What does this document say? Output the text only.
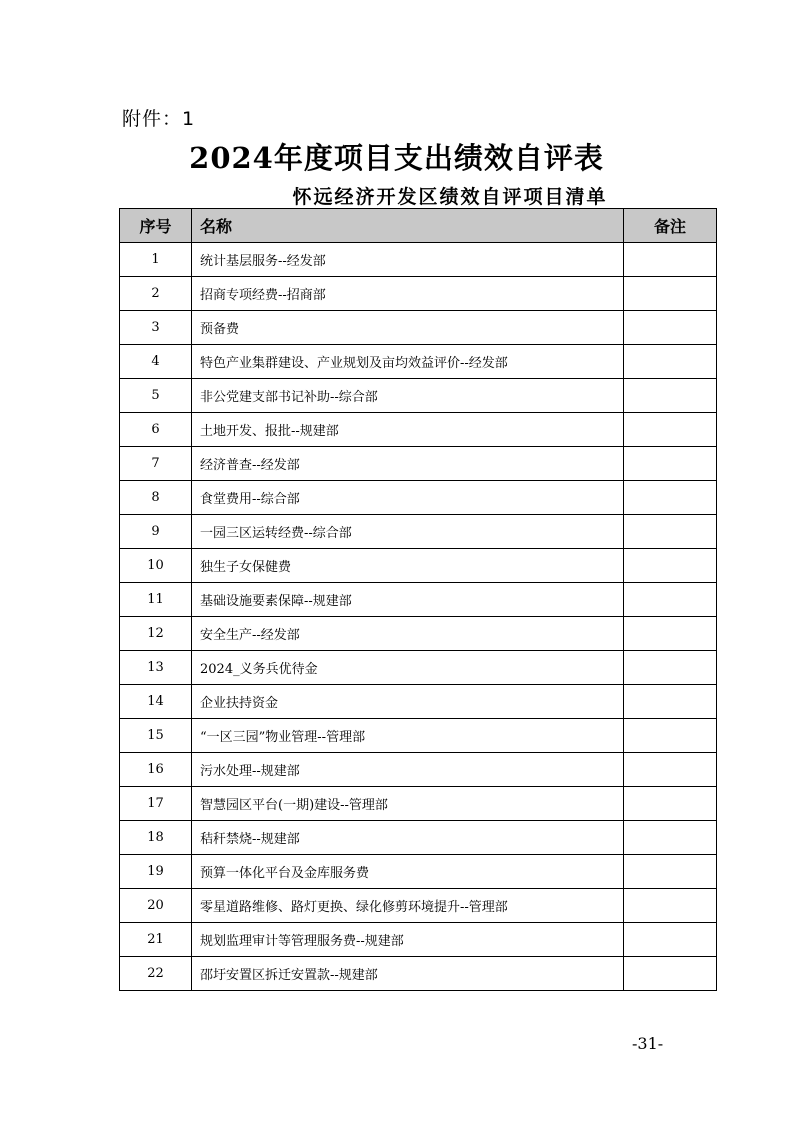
附件：1
2024年度项目支出绩效自评表
怀远经济开发区绩效自评项目清单
序号	名称	备注
1	统计基层服务--经发部	
2	招商专项经费--招商部	
3	预备费	
4	特色产业集群建设、产业规划及亩均效益评价--经发部	
5	非公党建支部书记补助--综合部	
6	土地开发、报批--规建部	
7	经济普查--经发部	
8	食堂费用--综合部	
9	一园三区运转经费--综合部	
10	独生子女保健费	
11	基础设施要素保障--规建部	
12	安全生产--经发部	
13	2024_义务兵优待金	
14	企业扶持资金	
15	“一区三园”物业管理--管理部	
16	污水处理--规建部	
17	智慧园区平台(一期)建设--管理部	
18	秸秆禁烧--规建部	
19	预算一体化平台及金库服务费	
20	零星道路维修、路灯更换、绿化修剪环境提升--管理部	
21	规划监理审计等管理服务费--规建部	
22	邵圩安置区拆迁安置款--规建部	
-31-
